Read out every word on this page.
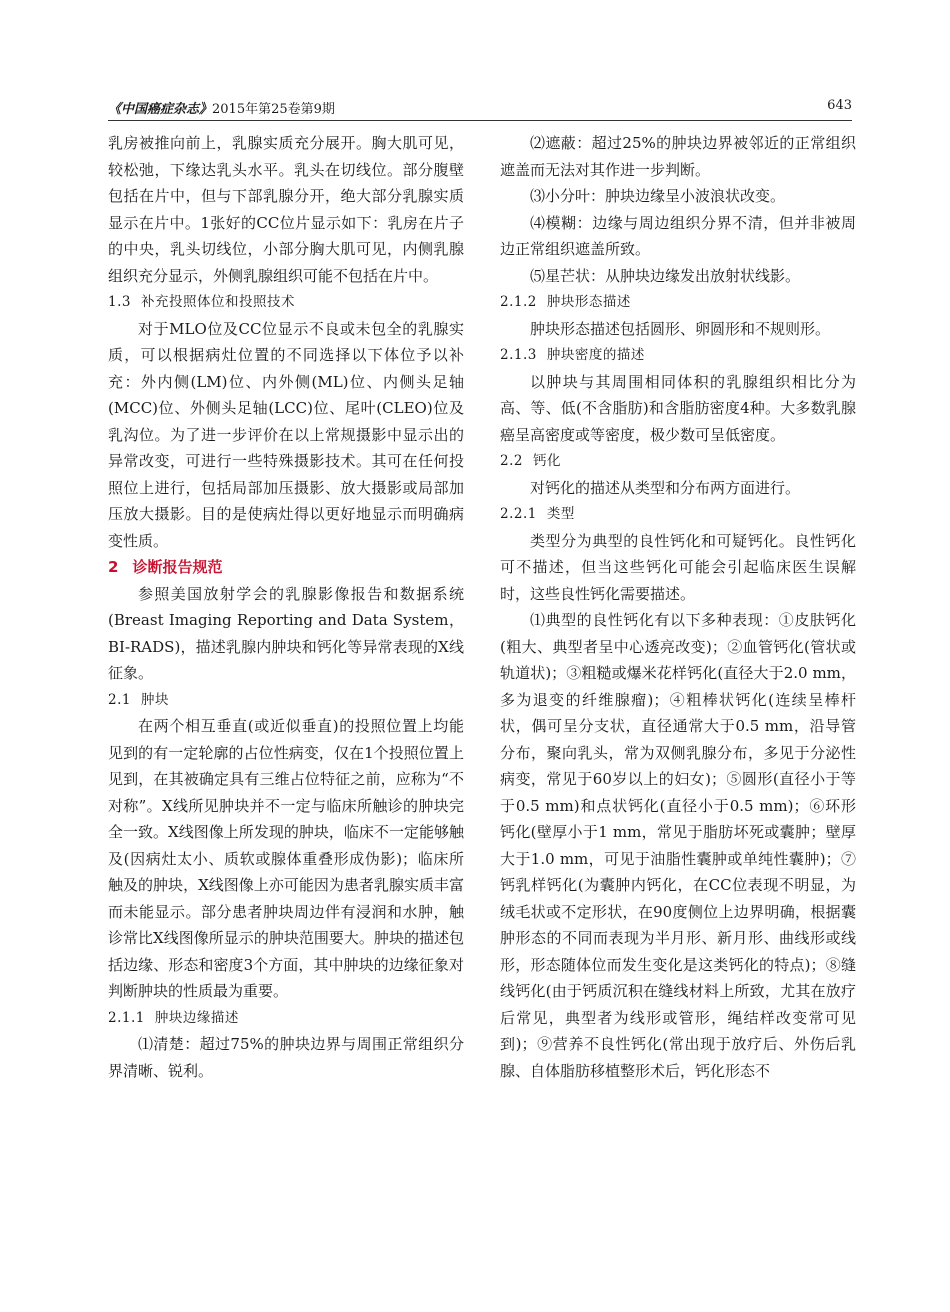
《中国癌症杂志》2015年第25卷第9期	643

乳房被推向前上，乳腺实质充分展开。胸大肌可见，较松弛，下缘达乳头水平。乳头在切线位。部分腹壁包括在片中，但与下部乳腺分开，绝大部分乳腺实质显示在片中。1张好的CC位片显示如下：乳房在片子的中央，乳头切线位，小部分胸大肌可见，内侧乳腺组织充分显示，外侧乳腺组织可能不包括在片中。

1.3 补充投照体位和投照技术

对于MLO位及CC位显示不良或未包全的乳腺实质，可以根据病灶位置的不同选择以下体位予以补充：外内侧(LM)位、内外侧(ML)位、内侧头足轴(MCC)位、外侧头足轴(LCC)位、尾叶(CLEO)位及乳沟位。为了进一步评价在以上常规摄影中显示出的异常改变，可进行一些特殊摄影技术。其可在任何投照位上进行，包括局部加压摄影、放大摄影或局部加压放大摄影。目的是使病灶得以更好地显示而明确病变性质。

2 诊断报告规范

参照美国放射学会的乳腺影像报告和数据系统(Breast Imaging Reporting and Data System，BI-RADS)，描述乳腺内肿块和钙化等异常表现的X线征象。

2.1 肿块

在两个相互垂直(或近似垂直)的投照位置上均能见到的有一定轮廓的占位性病变，仅在1个投照位置上见到，在其被确定具有三维占位特征之前，应称为“不对称”。X线所见肿块并不一定与临床所触诊的肿块完全一致。X线图像上所发现的肿块，临床不一定能够触及(因病灶太小、质软或腺体重叠形成伪影)；临床所触及的肿块，X线图像上亦可能因为患者乳腺实质丰富而未能显示。部分患者肿块周边伴有浸润和水肿，触诊常比X线图像所显示的肿块范围要大。肿块的描述包括边缘、形态和密度3个方面，其中肿块的边缘征象对判断肿块的性质最为重要。

2.1.1 肿块边缘描述

⑴清楚：超过75%的肿块边界与周围正常组织分界清晰、锐利。

⑵遮蔽：超过25%的肿块边界被邻近的正常组织遮盖而无法对其作进一步判断。

⑶小分叶：肿块边缘呈小波浪状改变。

⑷模糊：边缘与周边组织分界不清，但并非被周边正常组织遮盖所致。

⑸星芒状：从肿块边缘发出放射状线影。

2.1.2 肿块形态描述

肿块形态描述包括圆形、卵圆形和不规则形。

2.1.3 肿块密度的描述

以肿块与其周围相同体积的乳腺组织相比分为高、等、低(不含脂肪)和含脂肪密度4种。大多数乳腺癌呈高密度或等密度，极少数可呈低密度。

2.2 钙化

对钙化的描述从类型和分布两方面进行。

2.2.1 类型

类型分为典型的良性钙化和可疑钙化。良性钙化可不描述，但当这些钙化可能会引起临床医生误解时，这些良性钙化需要描述。

⑴典型的良性钙化有以下多种表现：①皮肤钙化(粗大、典型者呈中心透亮改变)；②血管钙化(管状或轨道状)；③粗糙或爆米花样钙化(直径大于2.0 mm，多为退变的纤维腺瘤)；④粗棒状钙化(连续呈棒杆状，偶可呈分支状，直径通常大于0.5 mm，沿导管分布，聚向乳头，常为双侧乳腺分布，多见于分泌性病变，常见于60岁以上的妇女)；⑤圆形(直径小于等于0.5 mm)和点状钙化(直径小于0.5 mm)；⑥环形钙化(壁厚小于1 mm，常见于脂肪坏死或囊肿；壁厚大于1.0 mm，可见于油脂性囊肿或单纯性囊肿)；⑦钙乳样钙化(为囊肿内钙化，在CC位表现不明显，为绒毛状或不定形状，在90度侧位上边界明确，根据囊肿形态的不同而表现为半月形、新月形、曲线形或线形，形态随体位而发生变化是这类钙化的特点)；⑧缝线钙化(由于钙质沉积在缝线材料上所致，尤其在放疗后常见，典型者为线形或管形，绳结样改变常可见到)；⑨营养不良性钙化(常出现于放疗后、外伤后乳腺、自体脂肪移植整形术后，钙化形态不
